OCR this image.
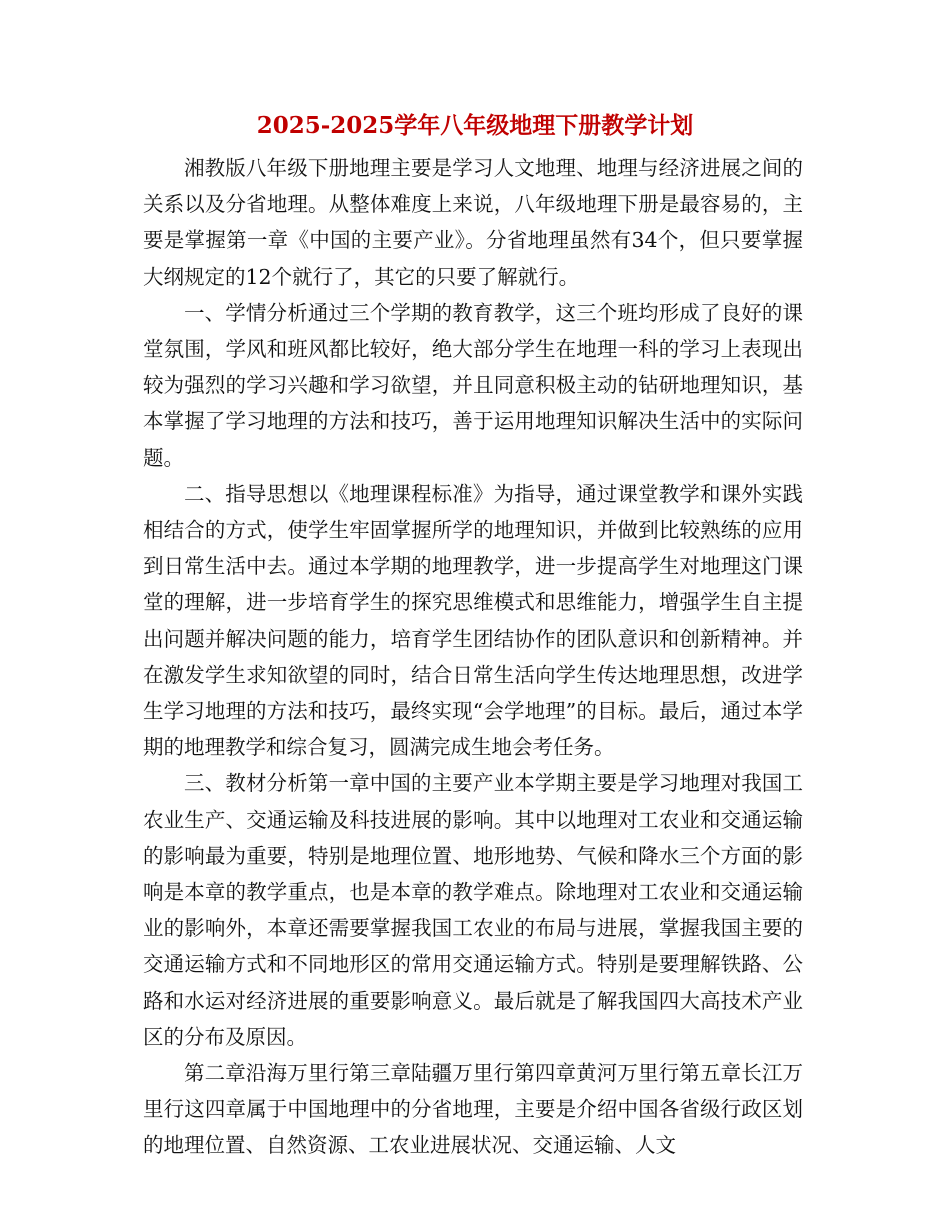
2025-2025学年八年级地理下册教学计划

湘教版八年级下册地理主要是学习人文地理、地理与经济进展之间的关系以及分省地理。从整体难度上来说，八年级地理下册是最容易的，主要是掌握第一章《中国的主要产业》。分省地理虽然有34个，但只要掌握大纲规定的12个就行了，其它的只要了解就行。

一、学情分析通过三个学期的教育教学，这三个班均形成了良好的课堂氛围，学风和班风都比较好，绝大部分学生在地理一科的学习上表现出较为强烈的学习兴趣和学习欲望，并且同意积极主动的钻研地理知识，基本掌握了学习地理的方法和技巧，善于运用地理知识解决生活中的实际问题。

二、指导思想以《地理课程标准》为指导，通过课堂教学和课外实践相结合的方式，使学生牢固掌握所学的地理知识，并做到比较熟练的应用到日常生活中去。通过本学期的地理教学，进一步提高学生对地理这门课堂的理解，进一步培育学生的探究思维模式和思维能力，增强学生自主提出问题并解决问题的能力，培育学生团结协作的团队意识和创新精神。并在激发学生求知欲望的同时，结合日常生活向学生传达地理思想，改进学生学习地理的方法和技巧，最终实现“会学地理”的目标。最后，通过本学期的地理教学和综合复习，圆满完成生地会考任务。

三、教材分析第一章中国的主要产业本学期主要是学习地理对我国工农业生产、交通运输及科技进展的影响。其中以地理对工农业和交通运输的影响最为重要，特别是地理位置、地形地势、气候和降水三个方面的影响是本章的教学重点，也是本章的教学难点。除地理对工农业和交通运输业的影响外，本章还需要掌握我国工农业的布局与进展，掌握我国主要的交通运输方式和不同地形区的常用交通运输方式。特别是要理解铁路、公路和水运对经济进展的重要影响意义。最后就是了解我国四大高技术产业区的分布及原因。

第二章沿海万里行第三章陆疆万里行第四章黄河万里行第五章长江万里行这四章属于中国地理中的分省地理，主要是介绍中国各省级行政区划的地理位置、自然资源、工农业进展状况、交通运输、人文
